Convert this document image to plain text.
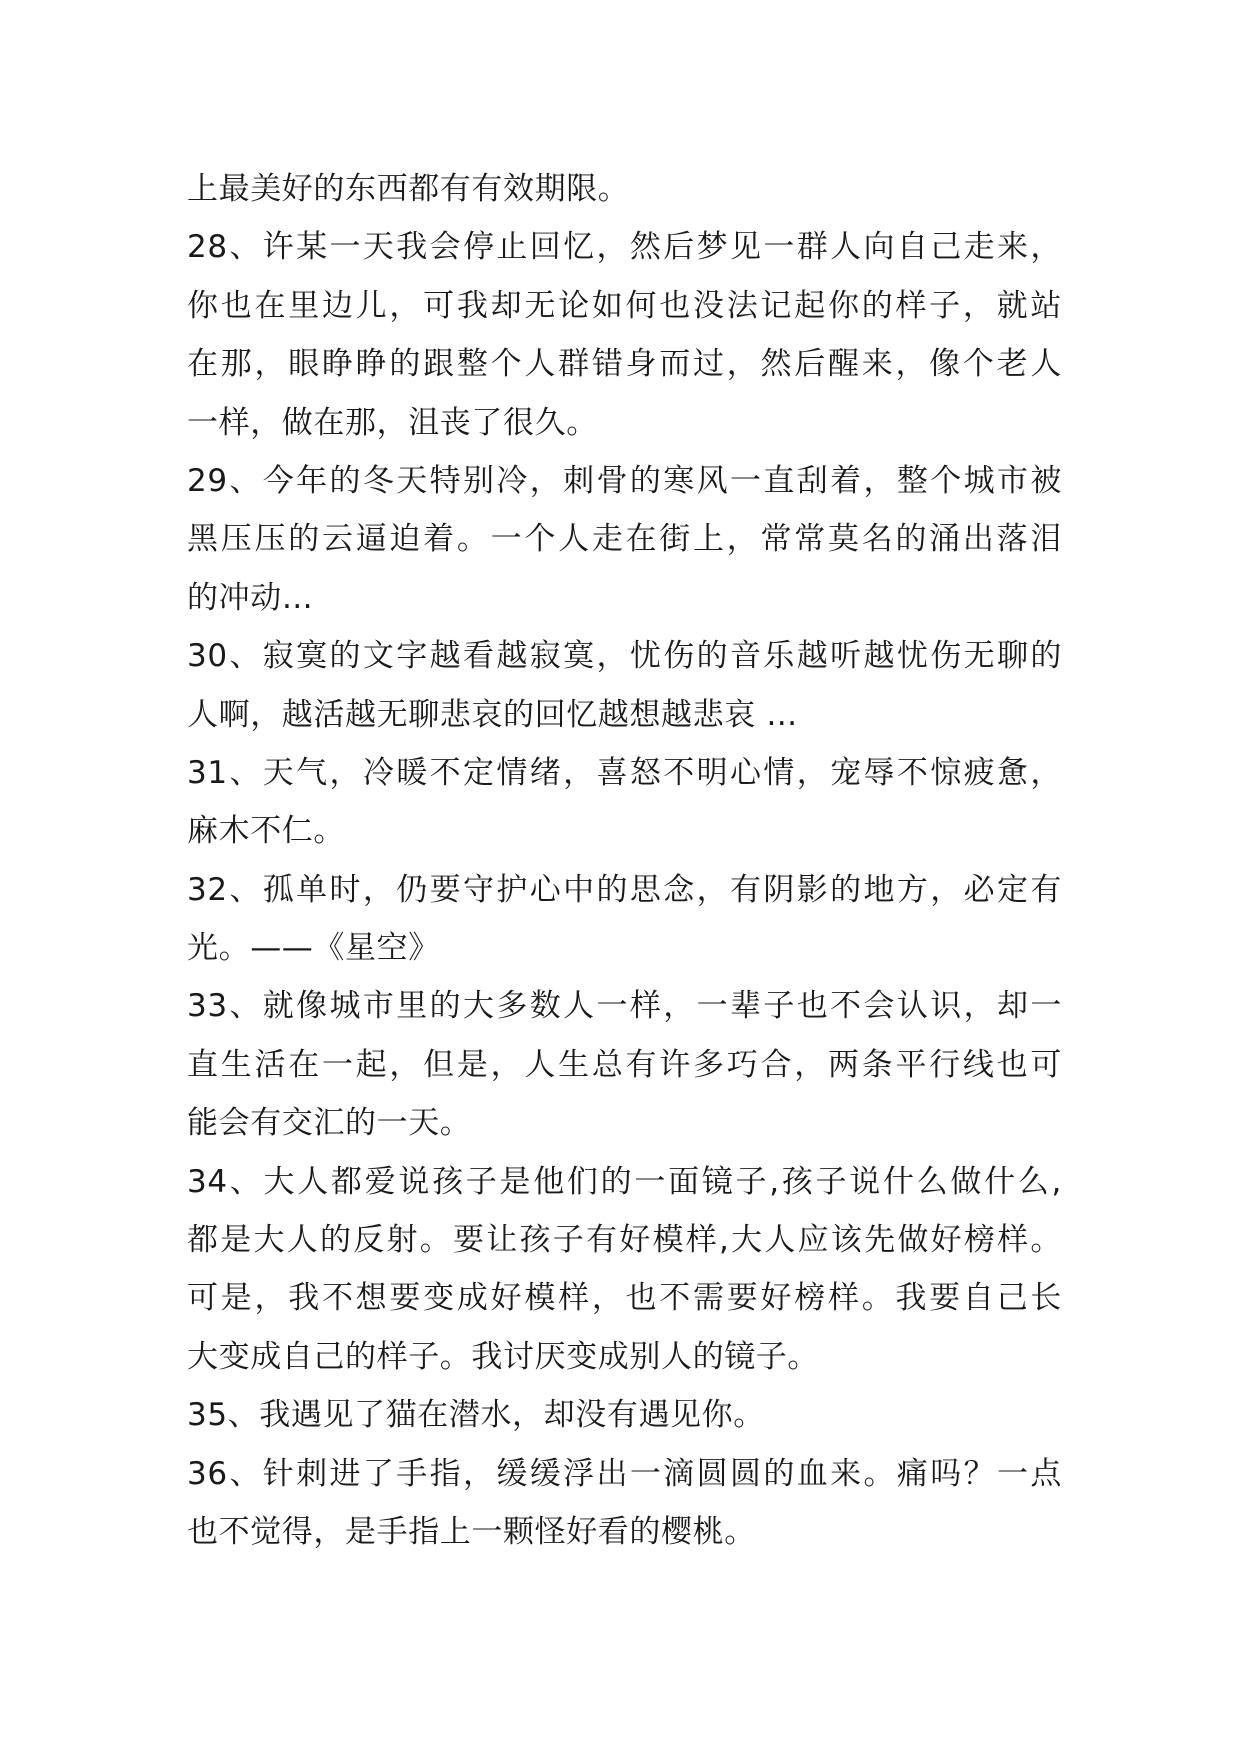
上最美好的东西都有有效期限。
28、许某一天我会停止回忆，然后梦见一群人向自己走来，
你也在里边儿，可我却无论如何也没法记起你的样子，就站
在那，眼睁睁的跟整个人群错身而过，然后醒来，像个老人
一样，做在那，沮丧了很久。
29、今年的冬天特别冷，刺骨的寒风一直刮着，整个城市被
黑压压的云逼迫着。一个人走在街上，常常莫名的涌出落泪
的冲动…
30、寂寞的文字越看越寂寞，忧伤的音乐越听越忧伤无聊的
人啊，越活越无聊悲哀的回忆越想越悲哀 …
31、天气，冷暖不定情绪，喜怒不明心情，宠辱不惊疲惫，
麻木不仁。
32、孤单时，仍要守护心中的思念，有阴影的地方，必定有
光。——《星空》
33、就像城市里的大多数人一样，一辈子也不会认识，却一
直生活在一起，但是，人生总有许多巧合，两条平行线也可
能会有交汇的一天。
34、大人都爱说孩子是他们的一面镜子,孩子说什么做什么,
都是大人的反射。要让孩子有好模样,大人应该先做好榜样。
可是，我不想要变成好模样，也不需要好榜样。我要自己长
大变成自己的样子。我讨厌变成别人的镜子。
35、我遇见了猫在潜水，却没有遇见你。
36、针刺进了手指，缓缓浮出一滴圆圆的血来。痛吗？一点
也不觉得，是手指上一颗怪好看的樱桃。
